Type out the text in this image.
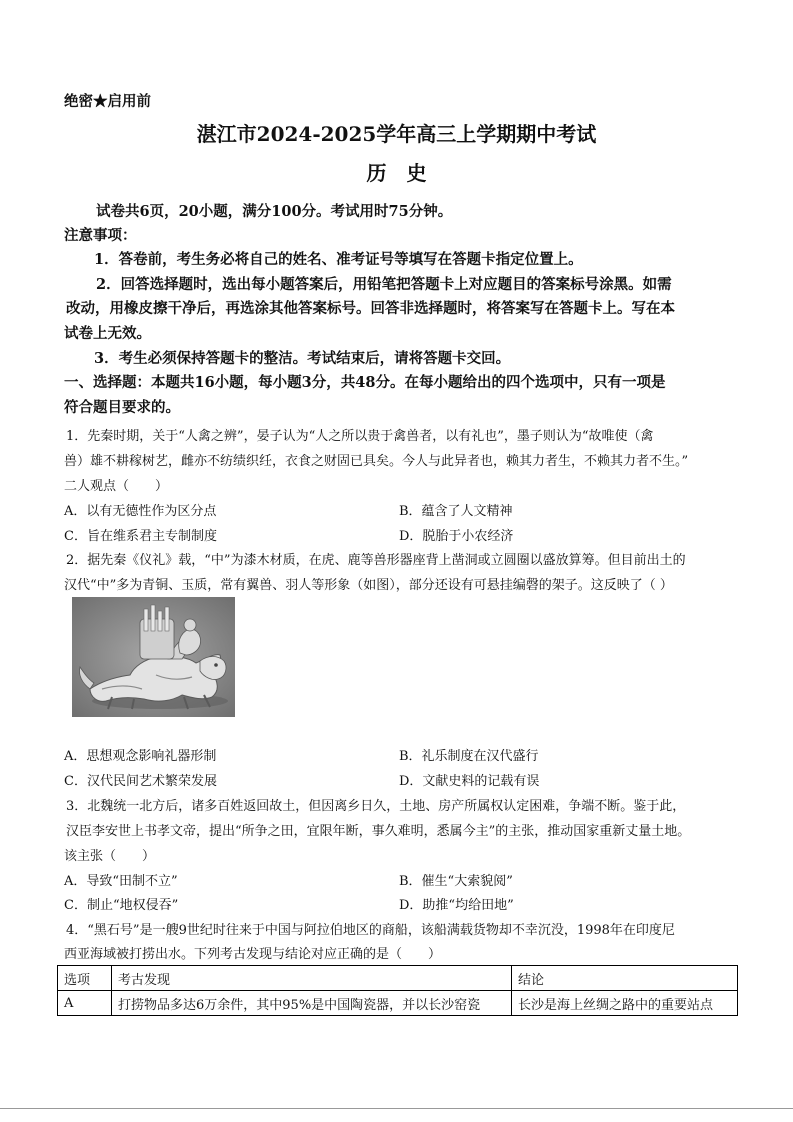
绝密★启用前
湛江市2024-2025学年高三上学期期中考试
历　史
试卷共6页，20小题，满分100分。考试用时75分钟。
注意事项：
1．答卷前，考生务必将自己的姓名、准考证号等填写在答题卡指定位置上。
2．回答选择题时，选出每小题答案后，用铅笔把答题卡上对应题目的答案标号涂黑。如需
改动，用橡皮擦干净后，再选涂其他答案标号。回答非选择题时，将答案写在答题卡上。写在本
试卷上无效。
3．考生必须保持答题卡的整洁。考试结束后，请将答题卡交回。
一、选择题：本题共16小题，每小题3分，共48分。在每小题给出的四个选项中，只有一项是
符合题目要求的。
1．先秦时期，关于“人禽之辨”，晏子认为“人之所以贵于禽兽者，以有礼也”，墨子则认为“故唯使（禽
兽）雄不耕稼树艺，雌亦不纺绩织纴，衣食之财固已具矣。今人与此异者也，赖其力者生，不赖其力者不生。”
二人观点（　　）
A．以有无德性作为区分点	B．蕴含了人文精神
C．旨在维系君主专制制度	D．脱胎于小农经济
2．据先秦《仪礼》载，“中”为漆木材质，在虎、鹿等兽形器座背上凿洞或立圆圈以盛放算筹。但目前出土的
汉代“中”多为青铜、玉质，常有翼兽、羽人等形象（如图），部分还设有可悬挂编磬的架子。这反映了（ ）
A．思想观念影响礼器形制	B．礼乐制度在汉代盛行
C．汉代民间艺术繁荣发展	D．文献史料的记载有误
3．北魏统一北方后，诸多百姓返回故土，但因离乡日久，土地、房产所属权认定困难，争端不断。鉴于此，
汉臣李安世上书孝文帝，提出“所争之田，宜限年断，事久难明，悉属今主”的主张，推动国家重新丈量土地。
该主张（　　）
A．导致“田制不立”	B．催生“大索貌阅”
C．制止“地权侵吞”	D．助推“均给田地”
4．“黑石号”是一艘9世纪时往来于中国与阿拉伯地区的商船，该船满载货物却不幸沉没，1998年在印度尼
西亚海域被打捞出水。下列考古发现与结论对应正确的是（　　）
选项	考古发现	结论
A	打捞物品多达6万余件，其中95%是中国陶瓷器，并以长沙窑瓷	长沙是海上丝绸之路中的重要站点
